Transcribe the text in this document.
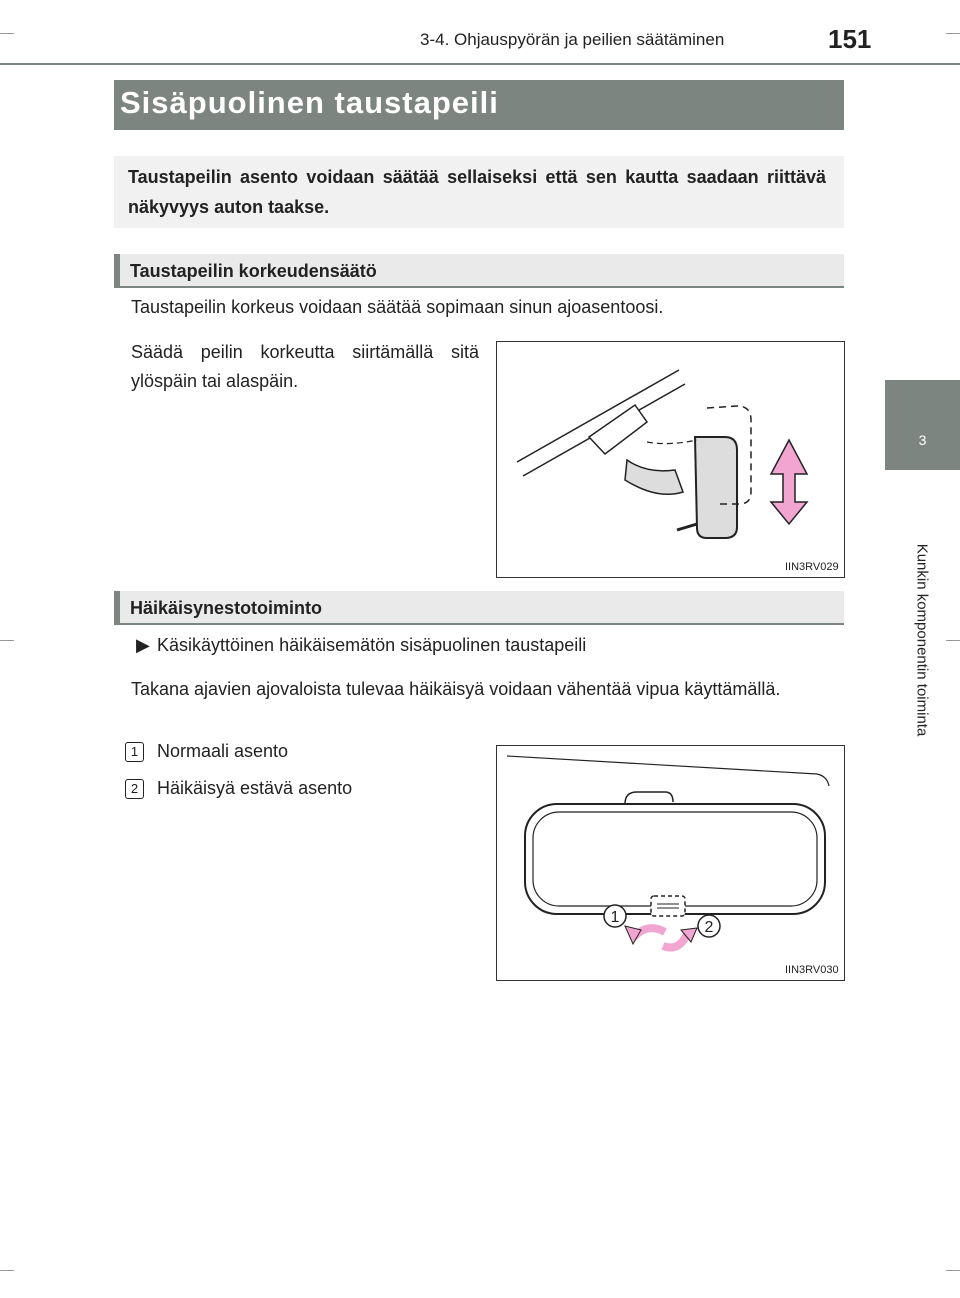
3-4. Ohjauspyörän ja peilien säätäminen	151
3
Kunkin komponentin toiminta
Sisäpuolinen taustapeili
Taustapeilin asento voidaan säätää sellaiseksi että sen kautta saadaan riittävä näkyvyys auton taakse.
Taustapeilin korkeudensäätö
Taustapeilin korkeus voidaan säätää sopimaan sinun ajoasentoosi.
Säädä peilin korkeutta siirtämällä sitä ylöspäin tai alaspäin.
IIN3RV029
Häikäisynestotoiminto
▶ Käsikäyttöinen häikäisemätön sisäpuolinen taustapeili
Takana ajavien ajovaloista tulevaa häikäisyä voidaan vähentää vipua käyttämällä.
1	Normaali asento
2	Häikäisyä estävä asento
1
2
IIN3RV030
